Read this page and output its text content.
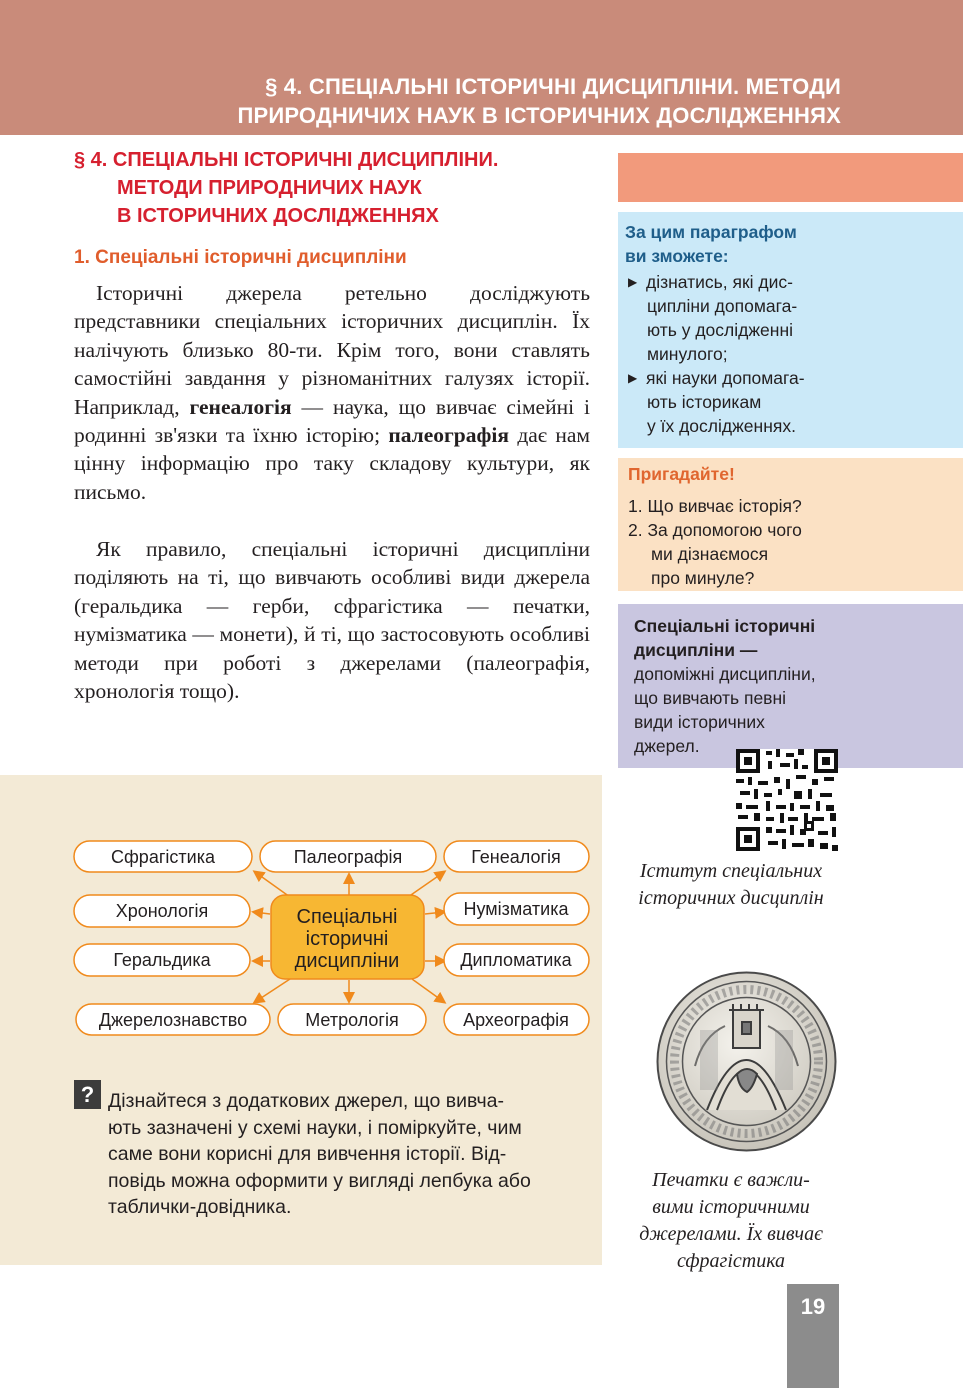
§ 4. СПЕЦІАЛЬНІ ІСТОРИЧНІ ДИСЦИПЛІНИ. МЕТОДИ
ПРИРОДНИЧИХ НАУК В ІСТОРИЧНИХ ДОСЛІДЖЕННЯХ
§ 4. СПЕЦІАЛЬНІ ІСТОРИЧНІ ДИСЦИПЛІНИ.
МЕТОДИ ПРИРОДНИЧИХ НАУК
В ІСТОРИЧНИХ ДОСЛІДЖЕННЯХ
1. Спеціальні історичні дисципліни
Історичні джерела ретельно досліджують представники спеціальних історичних дисциплін. Їх налічують близько 80-ти. Крім того, вони ставлять самостійні завдання у різноманітних галузях історії. Наприклад, генеалогія — наука, що вивчає сімейні і родинні зв'язки та їхню історію; палеографія дає нам цінну інформацію про таку складову культури, як письмо.
Як правило, спеціальні історичні дисципліни поділяють на ті, що вивчають особливі види джерела (геральдика — герби, сфрагістика — печатки, нумізматика — монети), й ті, що застосовують особливі методи при роботі з джерелами (палеографія, хронологія тощо).
За цим параграфом
ви зможете:
▶ дізнатись, які дис-
ципліни допомага-
ють у дослідженні
минулого;
▶ які науки допомага-
ють історикам
у їх дослідженнях.
Пригадайте!
1. Що вивчає історія?
2. За допомогою чого
ми дізнаємося
про минуле?
Спеціальні історичні
дисципліни —
допоміжні дисципліни,
що вивчають певні
види історичних
джерел.
Іститут спеціальних
історичних дисциплін
Печатки є важли-
вими історичними
джерелами. Їх вивчає
сфрагістика
Сфрагістика	Палеографія	Генеалогія
Хронологія	Нумізматика
Геральдика	Дипломатика
Джерелознавство	Метрологія	Археографія
Спеціальні
історичні
дисципліни
? Дізнайтеся з додаткових джерел, що вивча-
ють зазначені у схемі науки, і поміркуйте, чим
саме вони корисні для вивчення історії. Від-
повідь можна оформити у вигляді лепбука або
таблички-довідника.
19
